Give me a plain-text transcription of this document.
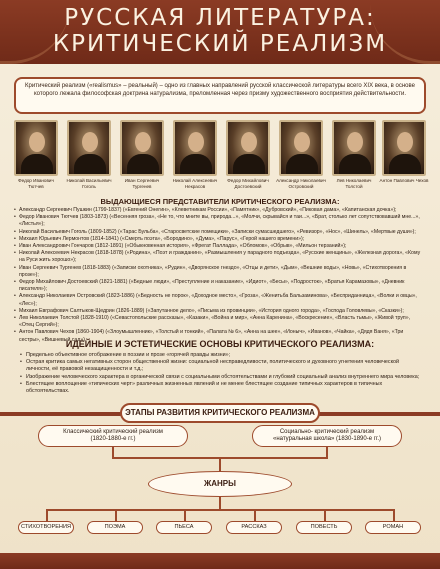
РУССКАЯ ЛИТЕРАТУРА:
КРИТИЧЕСКИЙ РЕАЛИЗМ
Критический реализм («realismus» – реальный) – одно из главных направлений русской классической литературы всего XIX века, в основе которого лежала философская доктрина натурализма, преломленная через призму художественного восприятия действительности.
Федор Иванович Тютчев
Николай Васильевич Гоголь
Иван Сергеевич Тургенев
Николай Алексеевич Некрасов
Федор Михайлович Достоевский
Александр Николаевич Островский
Лев Николаевич Толстой
Антон Павлович Чехов
ВЫДАЮЩИЕСЯ ПРЕДСТАВИТЕЛИ КРИТИЧЕСКОГО РЕАЛИЗМА:
• Александр Сергеевич Пушкин (1799-1837) («Евгений Онегин», «Клеветникам России», «Памятник», «Дубровский», «Пиковая дама», «Капитанская дочка»);
• Федор Иванович Тютчев (1803-1873) («Весенняя гроза», «Не то, что мните вы, природа...», «Молчи, скрывайся и таи...», «Брат, столько лет сопутствовавший мне...», «Листья»);
• Николай Васильевич Гоголь (1809-1852) («Тарас Бульба», «Старосветские помещики», «Записки сумасшедшего», «Ревизор», «Нос», «Шинель», «Мертвые души»);
• Михаил Юрьевич Лермонтов (1814-1841) («Смерть поэта», «Бородино», «Дума», «Парус», «Герой нашего времени»);
• Иван Александрович Гончаров (1812-1891) («Обыкновенная история», «Фрегат Паллада», «Обломов», «Обрыв», «Мильон терзаний»);
• Николай Алексеевич Некрасов (1818-1878) («Родина», «Поэт и гражданин», «Размышления у парадного подъезда», «Русские женщины», «Железная дорога», «Кому на Руси жить хорошо»);
• Иван Сергеевич Тургенев (1818-1883) («Записки охотника», «Рудин», «Дворянское гнездо», «Отцы и дети», «Дым», «Вешние воды», «Новь», «Стихотворения в прозе»);
• Федор Михайлович Достоевский (1821-1881) («Бедные люди», «Преступление и наказание», «Идиот», «Бесы», «Подросток», «Братья Карамазовы», «Дневник писателя»);
• Александр Николаевич Островский (1823-1886) («Бедность не порок», «Доходное место», «Гроза», «Женитьба Бальзаминова», «Бесприданница», «Волки и овцы», «Лес»);
• Михаил Евграфович Салтыков-Щедрин (1826-1889) («Запутанное дело», «Письма из провинции», «История одного города», «Господа Головлевы», «Сказки»);
• Лев Николаевич Толстой (1828-1910) («Севастопольские рассказы», «Казаки», «Война и мир», «Анна Каренина», «Воскресение», «Власть тьмы», «Живой труп», «Отец Сергий»);
• Антон Павлович Чехов (1860-1904) («Злоумышленник», «Толстый и тонкий», «Палата № 6», «Анна на шее», «Ионыч», «Иванов», «Чайка», «Дядя Ваня», «Три сестры», «Вишневый сад»).
ИДЕЙНЫЕ И ЭСТЕТИЧЕСКИЕ ОСНОВЫ КРИТИЧЕСКОГО РЕАЛИЗМА:
• Предельно объективное отображение в поэзии и прозе «горячей правды жизни»;
• Острая критика самых негативных сторон общественной жизни: социальной несправедливости, политического и духовного угнетения человеческой личности, её правовой незащищенности и т.д.;
• Изображение человеческого характера в органической связи с социальными обстоятельствами и глубокий социальный анализ внутреннего мира человека;
• Блестящее воплощение «типических черт» различных жизненных явлений и не менее блестящее создание типичных характеров в типичных обстоятельствах.
ЭТАПЫ РАЗВИТИЯ КРИТИЧЕСКОГО РЕАЛИЗМА
Классический критический реализм
(1820-1880-е гг.)
Социально- критический реализм
«натуральная школа» (1830-1890-е гг.)
ЖАНРЫ
СТИХОТВОРЕНИЯ	ПОЭМА	ПЬЕСА	РАССКАЗ	ПОВЕСТЬ	РОМАН
